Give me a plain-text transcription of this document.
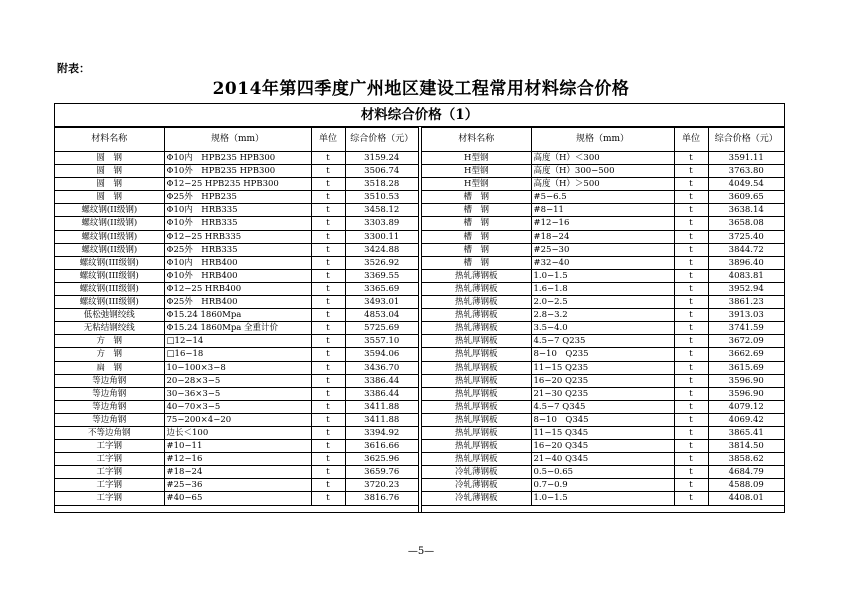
附表：
2014年第四季度广州地区建设工程常用材料综合价格
材料综合价格（1）
材料名称	规格（mm）	单位	综合价格（元）
圆　钢	Φ10内　HPB235 HPB300	t	3159.24
圆　钢	Φ10外　HPB235 HPB300	t	3506.74
圆　钢	Φ12−25 HPB235 HPB300	t	3518.28
圆　钢	Φ25外　HPB235	t	3510.53
螺纹钢(II级钢)	Φ10内　HRB335	t	3458.12
螺纹钢(II级钢)	Φ10外　HRB335	t	3303.89
螺纹钢(II级钢)	Φ12−25 HRB335	t	3300.11
螺纹钢(II级钢)	Φ25外　HRB335	t	3424.88
螺纹钢(III级钢)	Φ10内　HRB400	t	3526.92
螺纹钢(III级钢)	Φ10外　HRB400	t	3369.55
螺纹钢(III级钢)	Φ12−25 HRB400	t	3365.69
螺纹钢(III级钢)	Φ25外　HRB400	t	3493.01
低松弛钢绞线	Φ15.24 1860Mpa	t	4853.04
无粘结钢绞线	Φ15.24 1860Mpa 全重计价	t	5725.69
方　钢	□12−14	t	3557.10
方　钢	□16−18	t	3594.06
扁　钢	10−100×3−8	t	3436.70
等边角钢	20−28×3−5	t	3386.44
等边角钢	30−36×3−5	t	3386.44
等边角钢	40−70×3−5	t	3411.88
等边角钢	75−200×4−20	t	3411.88
不等边角钢	边长＜100	t	3394.92
工字钢	#10−11	t	3616.66
工字钢	#12−16	t	3625.96
工字钢	#18−24	t	3659.76
工字钢	#25−36	t	3720.23
工字钢	#40−65	t	3816.76
材料名称	规格（mm）	单位	综合价格（元）
H型钢	高度（H）＜300	t	3591.11
H型钢	高度（H）300−500	t	3763.80
H型钢	高度（H）＞500	t	4049.54
槽　钢	#5−6.5	t	3609.65
槽　钢	#8−11	t	3638.14
槽　钢	#12−16	t	3658.08
槽　钢	#18−24	t	3725.40
槽　钢	#25−30	t	3844.72
槽　钢	#32−40	t	3896.40
热轧薄钢板	1.0−1.5	t	4083.81
热轧薄钢板	1.6−1.8	t	3952.94
热轧薄钢板	2.0−2.5	t	3861.23
热轧薄钢板	2.8−3.2	t	3913.03
热轧薄钢板	3.5−4.0	t	3741.59
热轧厚钢板	4.5−7 Q235	t	3672.09
热轧厚钢板	8−10　Q235	t	3662.69
热轧厚钢板	11−15 Q235	t	3615.69
热轧厚钢板	16−20 Q235	t	3596.90
热轧厚钢板	21−30 Q235	t	3596.90
热轧厚钢板	4.5−7 Q345	t	4079.12
热轧厚钢板	8−10　Q345	t	4069.42
热轧厚钢板	11−15 Q345	t	3865.41
热轧厚钢板	16−20 Q345	t	3814.50
热轧厚钢板	21−40 Q345	t	3858.62
冷轧薄钢板	0.5−0.65	t	4684.79
冷轧薄钢板	0.7−0.9	t	4588.09
冷轧薄钢板	1.0−1.5	t	4408.01
—5—
